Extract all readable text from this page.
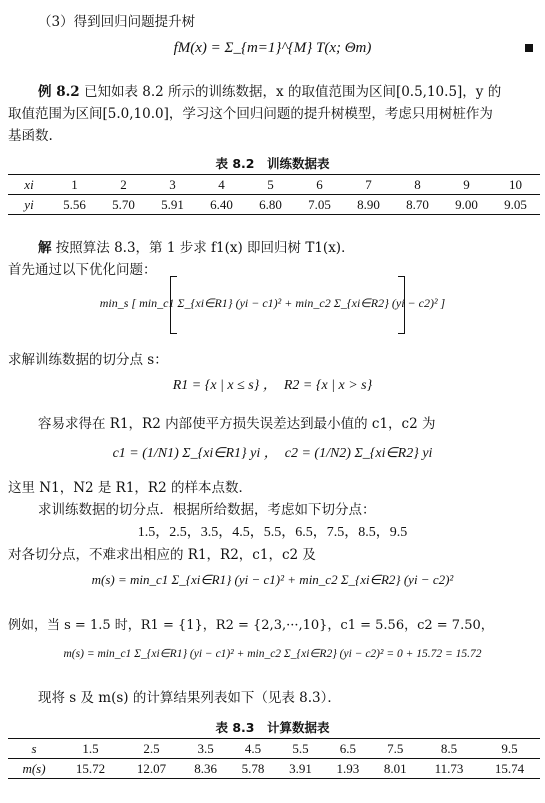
（3）得到回归问题提升树
fM(x) = Σ_{m=1}^{M} T(x; Θm)
例 8.2 已知如表 8.2 所示的训练数据，x 的取值范围为区间[0.5,10.5]，y 的
取值范围为区间[5.0,10.0]，学习这个回归问题的提升树模型，考虑只用树桩作为
基函数.
表 8.2　训练数据表
xi	1	2	3	4	5	6	7	8	9	10
yi	5.56	5.70	5.91	6.40	6.80	7.05	8.90	8.70	9.00	9.05
解 按照算法 8.3，第 1 步求 f1(x) 即回归树 T1(x)．
首先通过以下优化问题：
min_s [ min_c1 Σ_{xi∈R1} (yi − c1)² + min_c2 Σ_{xi∈R2} (yi − c2)² ]
求解训练数据的切分点 s：
R1 = {x | x ≤ s} ，　R2 = {x | x > s}
容易求得在 R1，R2 内部使平方损失误差达到最小值的 c1，c2 为
c1 = (1/N1) Σ_{xi∈R1} yi ，　c2 = (1/N2) Σ_{xi∈R2} yi
这里 N1，N2 是 R1，R2 的样本点数．
求训练数据的切分点．根据所给数据，考虑如下切分点：
1.5，2.5，3.5，4.5，5.5，6.5，7.5，8.5，9.5
对各切分点，不难求出相应的 R1，R2，c1，c2 及
m(s) = min_c1 Σ_{xi∈R1} (yi − c1)² + min_c2 Σ_{xi∈R2} (yi − c2)²
例如，当 s = 1.5 时，R1 = {1}，R2 = {2,3,···,10}，c1 = 5.56，c2 = 7.50，
m(s) = min_c1 Σ_{xi∈R1} (yi − c1)² + min_c2 Σ_{xi∈R2} (yi − c2)² = 0 + 15.72 = 15.72
现将 s 及 m(s) 的计算结果列表如下（见表 8.3）．
表 8.3　计算数据表
s	1.5	2.5	3.5	4.5	5.5	6.5	7.5	8.5	9.5
m(s)	15.72	12.07	8.36	5.78	3.91	1.93	8.01	11.73	15.74
